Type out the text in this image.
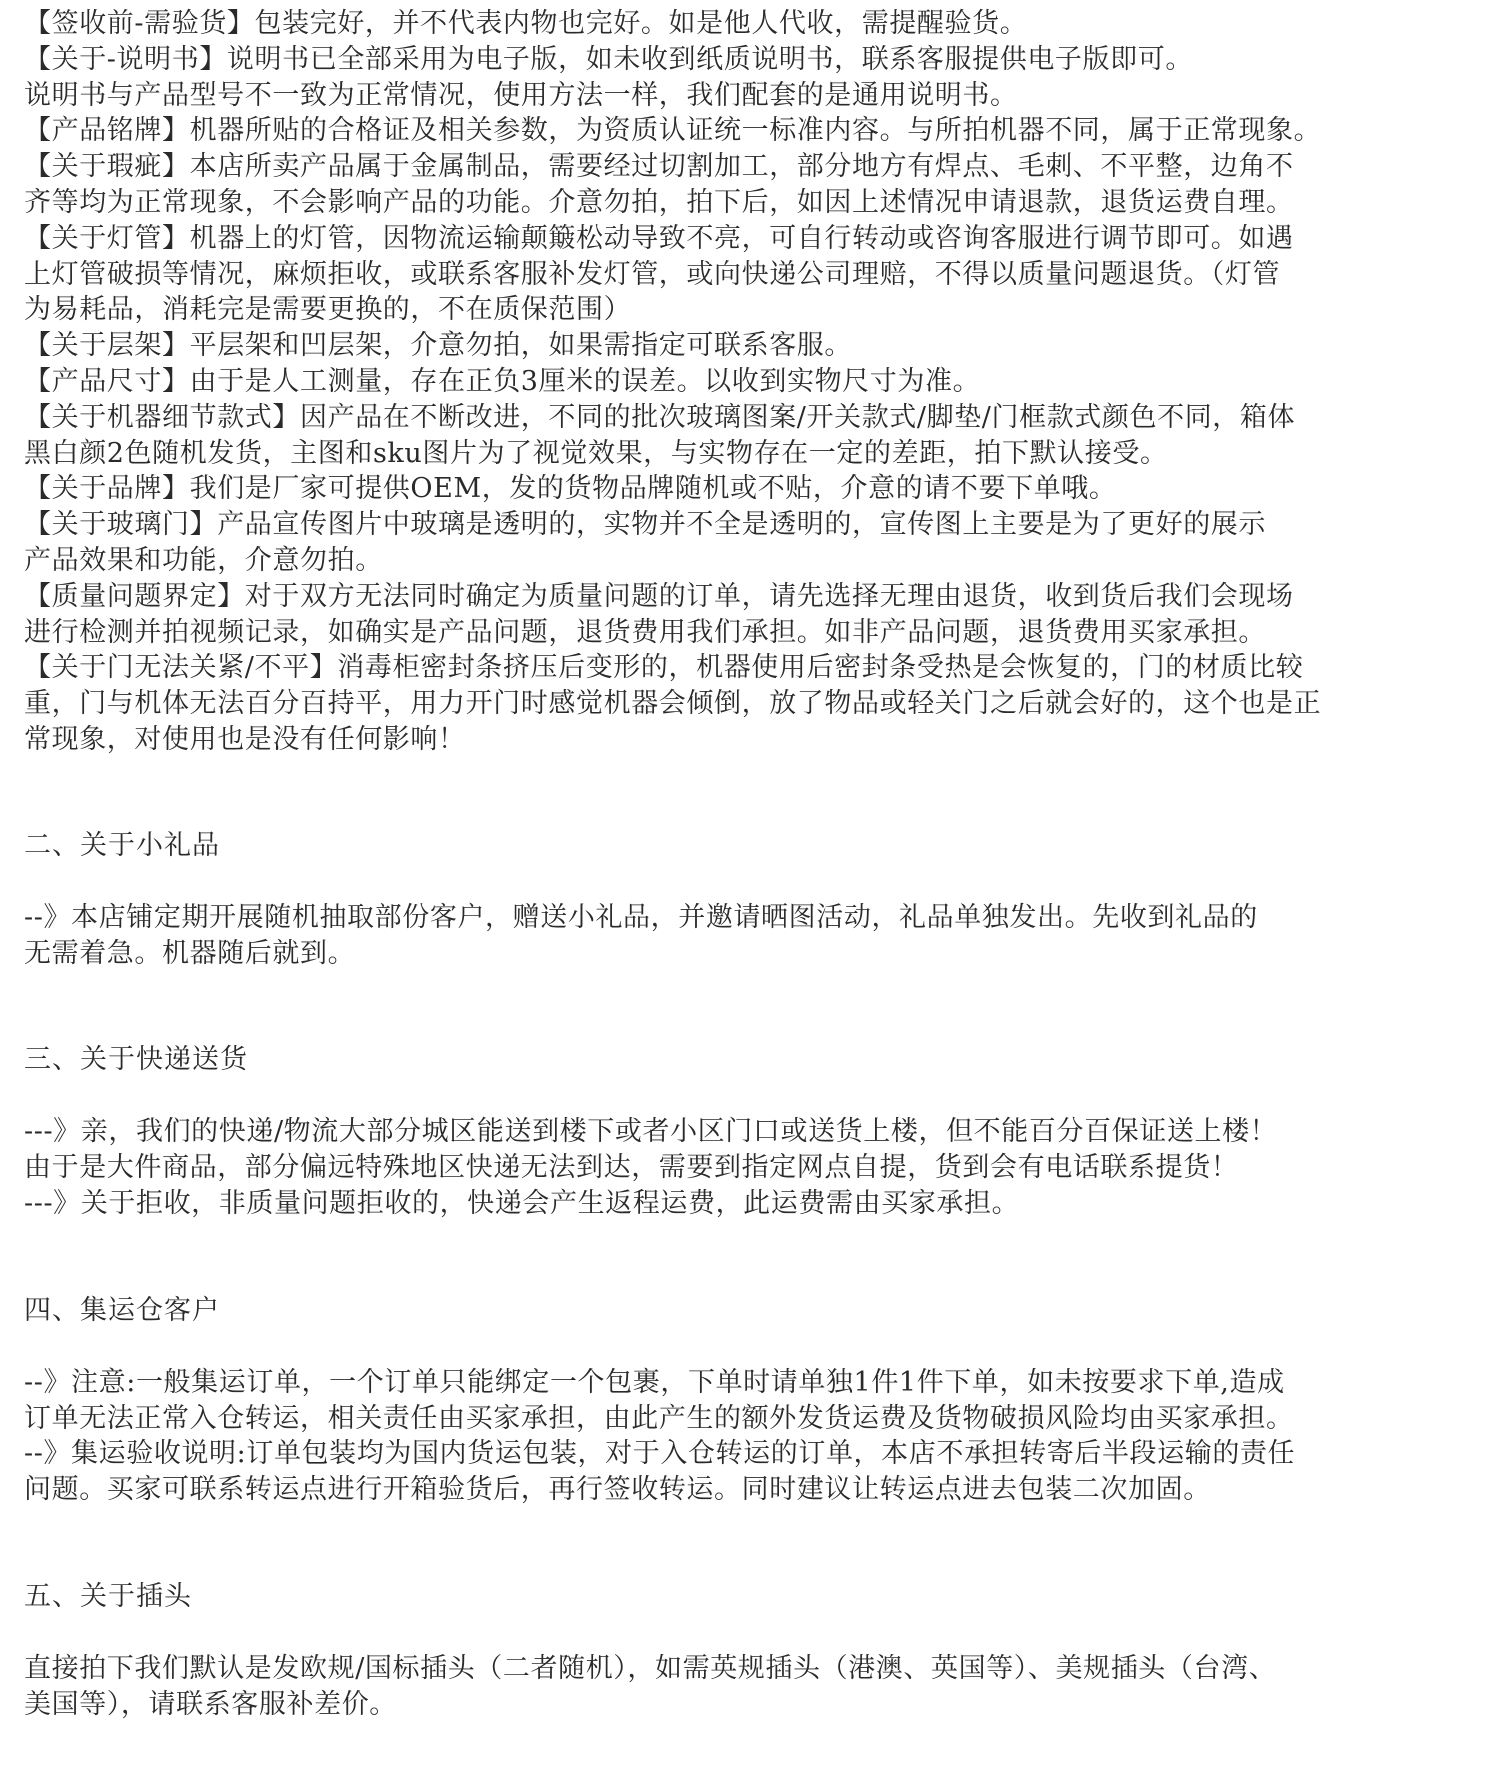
【签收前-需验货】包装完好，并不代表内物也完好。如是他人代收，需提醒验货。
【关于-说明书】说明书已全部采用为电子版，如未收到纸质说明书，联系客服提供电子版即可。
说明书与产品型号不一致为正常情况，使用方法一样，我们配套的是通用说明书。
【产品铭牌】机器所贴的合格证及相关参数，为资质认证统一标准内容。与所拍机器不同，属于正常现象。
【关于瑕疵】本店所卖产品属于金属制品，需要经过切割加工，部分地方有焊点、毛刺、不平整，边角不
齐等均为正常现象，不会影响产品的功能。介意勿拍，拍下后，如因上述情况申请退款，退货运费自理。
【关于灯管】机器上的灯管，因物流运输颠簸松动导致不亮，可自行转动或咨询客服进行调节即可。如遇
上灯管破损等情况，麻烦拒收，或联系客服补发灯管，或向快递公司理赔，不得以质量问题退货。（灯管
为易耗品，消耗完是需要更换的，不在质保范围）
【关于层架】平层架和凹层架，介意勿拍，如果需指定可联系客服。
【产品尺寸】由于是人工测量，存在正负3厘米的误差。以收到实物尺寸为准。
【关于机器细节款式】因产品在不断改进，不同的批次玻璃图案/开关款式/脚垫/门框款式颜色不同，箱体
黑白颜2色随机发货，主图和sku图片为了视觉效果，与实物存在一定的差距，拍下默认接受。
【关于品牌】我们是厂家可提供OEM，发的货物品牌随机或不贴，介意的请不要下单哦。
【关于玻璃门】产品宣传图片中玻璃是透明的，实物并不全是透明的，宣传图上主要是为了更好的展示
产品效果和功能，介意勿拍。
【质量问题界定】对于双方无法同时确定为质量问题的订单，请先选择无理由退货，收到货后我们会现场
进行检测并拍视频记录，如确实是产品问题，退货费用我们承担。如非产品问题，退货费用买家承担。
【关于门无法关紧/不平】消毒柜密封条挤压后变形的，机器使用后密封条受热是会恢复的，门的材质比较
重，门与机体无法百分百持平，用力开门时感觉机器会倾倒，放了物品或轻关门之后就会好的，这个也是正
常现象，对使用也是没有任何影响！
二、关于小礼品
--》本店铺定期开展随机抽取部份客户，赠送小礼品，并邀请晒图活动，礼品单独发出。先收到礼品的
无需着急。机器随后就到。
三、关于快递送货
---》亲，我们的快递/物流大部分城区能送到楼下或者小区门口或送货上楼，但不能百分百保证送上楼！
由于是大件商品，部分偏远特殊地区快递无法到达，需要到指定网点自提，货到会有电话联系提货！
---》关于拒收，非质量问题拒收的，快递会产生返程运费，此运费需由买家承担。
四、集运仓客户
--》注意:一般集运订单，一个订单只能绑定一个包裹，下单时请单独1件1件下单，如未按要求下单,造成
订单无法正常入仓转运，相关责任由买家承担，由此产生的额外发货运费及货物破损风险均由买家承担。
--》集运验收说明:订单包装均为国内货运包装，对于入仓转运的订单，本店不承担转寄后半段运输的责任
问题。买家可联系转运点进行开箱验货后，再行签收转运。同时建议让转运点进去包装二次加固。
五、关于插头
直接拍下我们默认是发欧规/国标插头（二者随机），如需英规插头（港澳、英国等）、美规插头（台湾、
美国等），请联系客服补差价。
